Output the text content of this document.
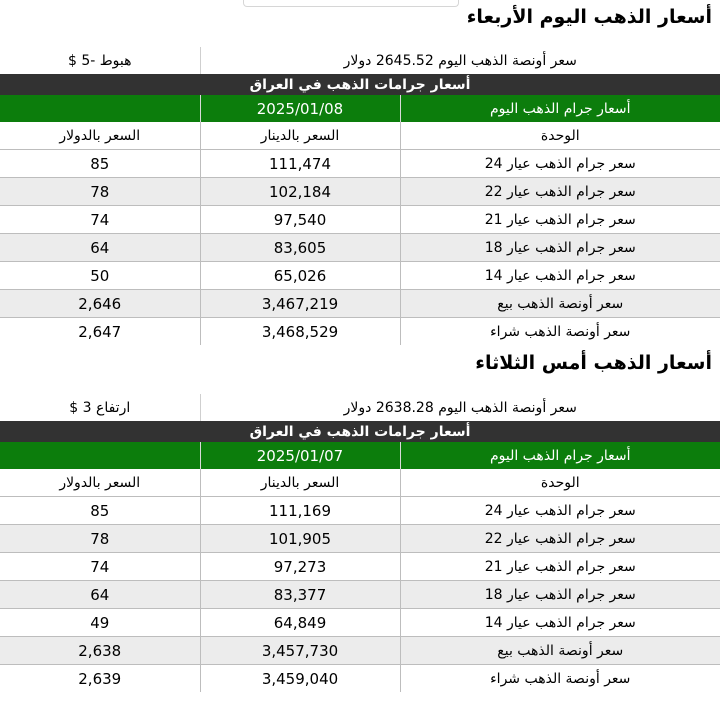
أسعار الذهب اليوم الأربعاء
سعر أونصة الذهب اليوم 2645.52 دولار		هبوط -5 $
أسعار جرامات الذهب في العراق		
أسعار جرام الذهب اليوم	2025/01/08	
الوحدة	السعر بالدينار	السعر بالدولار
سعر جرام الذهب عيار 24	111,474	85
سعر جرام الذهب عيار 22	102,184	78
سعر جرام الذهب عيار 21	97,540	74
سعر جرام الذهب عيار 18	83,605	64
سعر جرام الذهب عيار 14	65,026	50
سعر أونصة الذهب بيع	3,467,219	2,646
سعر أونصة الذهب شراء	3,468,529	2,647
أسعار الذهب أمس الثلاثاء
سعر أونصة الذهب اليوم 2638.28 دولار		ارتفاع 3 $
أسعار جرامات الذهب في العراق		
أسعار جرام الذهب اليوم	2025/01/07	
الوحدة	السعر بالدينار	السعر بالدولار
سعر جرام الذهب عيار 24	111,169	85
سعر جرام الذهب عيار 22	101,905	78
سعر جرام الذهب عيار 21	97,273	74
سعر جرام الذهب عيار 18	83,377	64
سعر جرام الذهب عيار 14	64,849	49
سعر أونصة الذهب بيع	3,457,730	2,638
سعر أونصة الذهب شراء	3,459,040	2,639
